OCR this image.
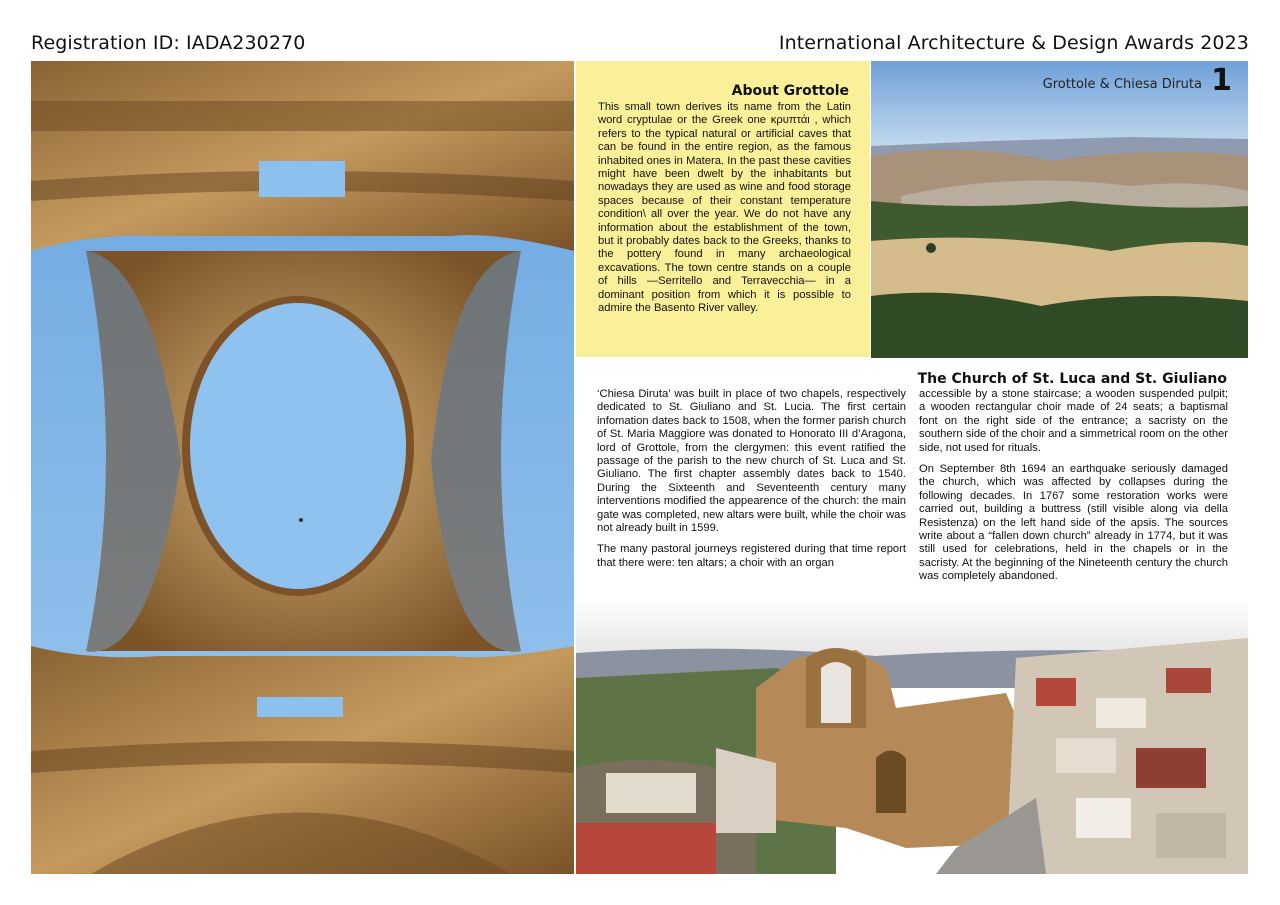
Registration ID: IADA230270	International Architecture & Design Awards 2023
About Grottole
This small town derives its name from the Latin word cryptulae or the Greek one κρυπτάι , which refers to the typical natural or artificial caves that can be found in the entire region, as the famous inhabited ones in Matera. In the past these cavities might have been dwelt by the inhabitants but nowadays they are used as wine and food storage spaces because of their constant temperature condition\ all over the year. We do not have any information about the establishment of the town, but it probably dates back to the Greeks, thanks to the pottery found in many archaeological excavations. The town centre stands on a couple of hills —Serritello and Terravecchia— in a dominant position from which it is possible to admire the Basento River valley.
Grottole & Chiesa Diruta 1
The Church of St. Luca and St. Giuliano

‘Chiesa Diruta’ was built in place of two chapels, respectively dedicated to St. Giuliano and St. Lucia. The first certain infomation dates back to 1508, when the former parish church of St. Maria Maggiore was donated to Honorato III d’Aragona, lord of Grottole, from the clergymen: this event ratified the passage of the parish to the new church of St. Luca and St. Giuliano. The first chapter assembly dates back to 1540. During the Sixteenth and Seventeenth century many interventions modified the appearence of the church: the main gate was completed, new altars were built, while the choir was not already built in 1599.

The many pastoral journeys registered during that time report that there were: ten altars; a choir with an organ

accessible by a stone staircase; a wooden suspended pulpit; a wooden rectangular choir made of 24 seats; a baptismal font on the right side of the entrance; a sacristy on the southern side of the choir and a simmetrical room on the other side, not used for rituals.

On September 8th 1694 an earthquake seriously damaged the church, which was affected by collapses during the following decades. In 1767 some restoration works were carried out, building a buttress (still visible along via della Resistenza) on the left hand side of the apsis. The sources write about a “fallen down church” already in 1774, but it was still used for celebrations, held in the chapels or in the sacristy. At the beginning of the Nineteenth century the church was completely abandoned.
